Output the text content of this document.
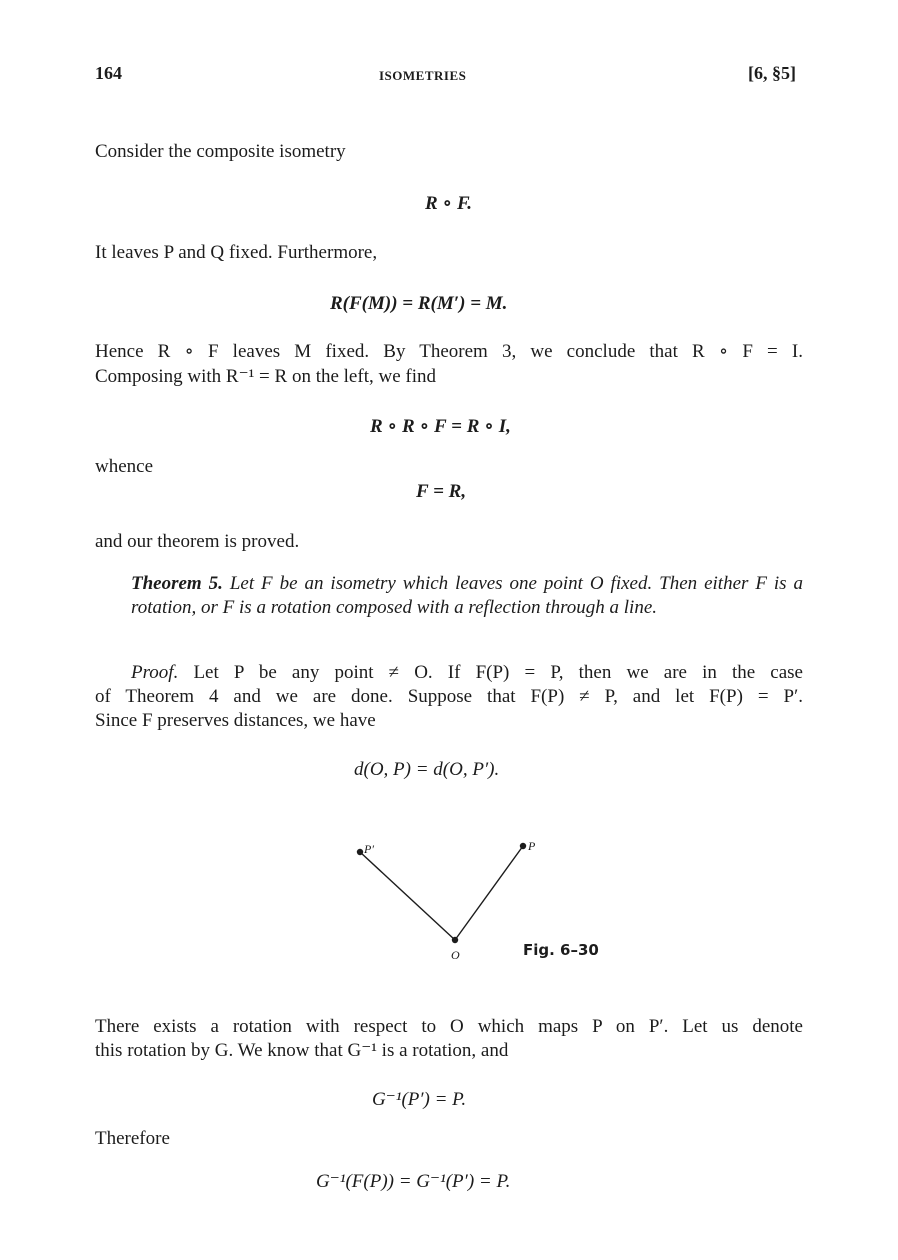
164	ISOMETRIES	[6, §5]
Consider the composite isometry
R ∘ F.
It leaves P and Q fixed. Furthermore,
R(F(M)) = R(M′) = M.
Hence R ∘ F leaves M fixed. By Theorem 3, we conclude that R ∘ F = I.
Composing with R⁻¹ = R on the left, we find
R ∘ R ∘ F = R ∘ I,
whence
F = R,
and our theorem is proved.
Theorem 5. Let F be an isometry which leaves one point O fixed. Then either F is a rotation, or F is a rotation composed with a reflection through a line.
Proof. Let P be any point ≠ O. If F(P) = P, then we are in the case
of Theorem 4 and we are done. Suppose that F(P) ≠ P, and let F(P) = P′.
Since F preserves distances, we have
d(O, P) = d(O, P′).
P′	P
O	Fig. 6–30
There exists a rotation with respect to O which maps P on P′. Let us denote
this rotation by G. We know that G⁻¹ is a rotation, and
G⁻¹(P′) = P.
Therefore
G⁻¹(F(P)) = G⁻¹(P′) = P.
